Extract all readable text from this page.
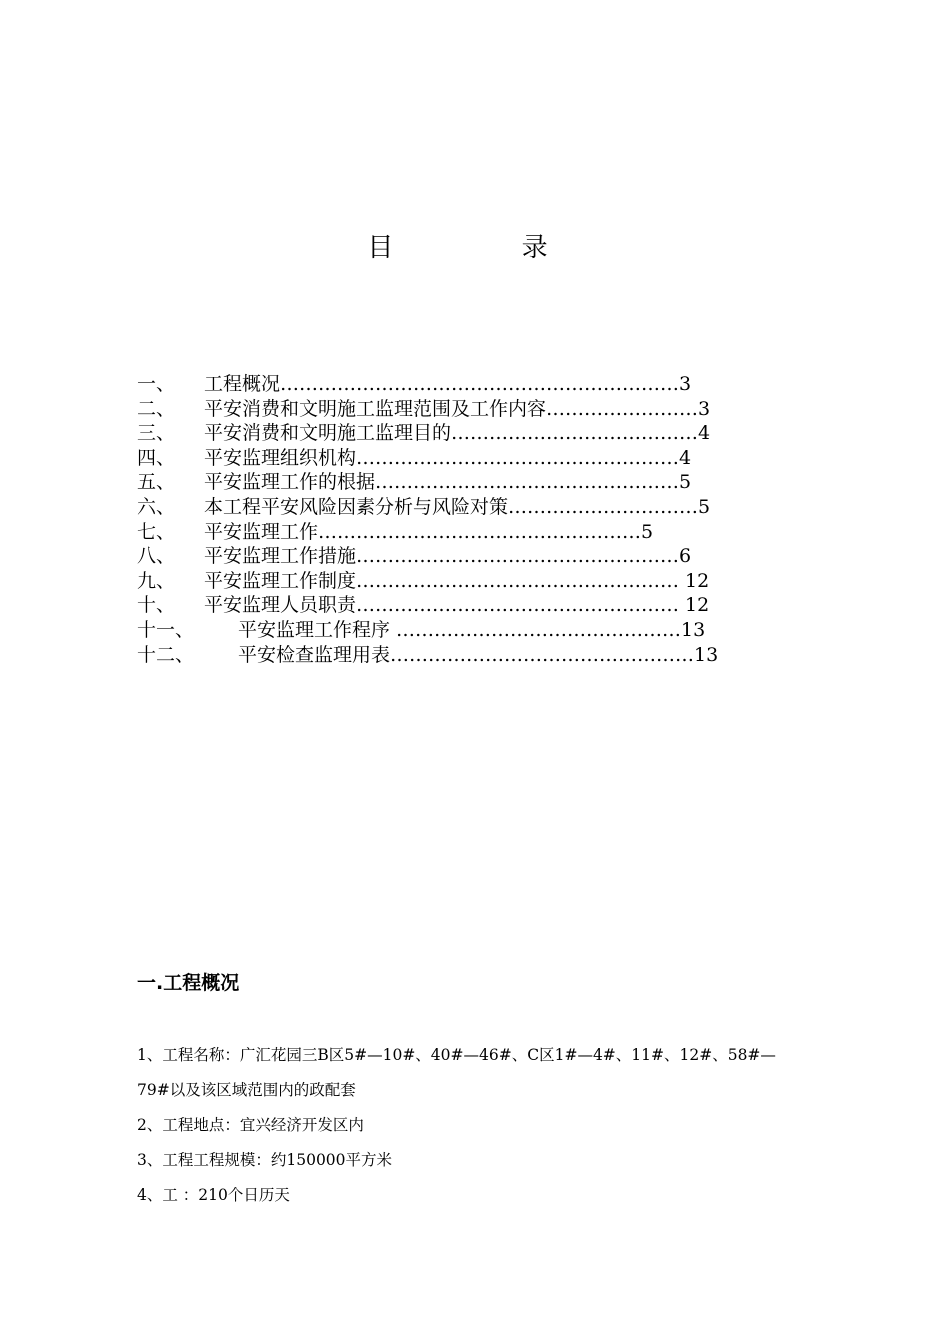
目 录
一、 工程概况………………………………………………………3
二、 平安消费和文明施工监理范围及工作内容……………………3
三、 平安消费和文明施工监理目的…………………………………4
四、 平安监理组织机构……………………………………………4
五、 平安监理工作的根据…………………………………………5
六、 本工程平安风险因素分析与风险对策…………………………5
七、 平安监理工作……………………………………………5
八、 平安监理工作措施……………………………………………6
九、 平安监理工作制度…………………………………………… 12
十、 平安监理人员职责…………………………………………… 12
十一、 平安监理工作程序 ………………………………………13
十二、 平安检查监理用表…………………………………………13
一.工程概况
1、工程名称：广汇花园三B区5#—10#、40#—46#、C区1#—4#、11#、12#、58#—
79#以及该区域范围内的政配套
2、工程地点：宜兴经济开发区内
3、工程工程规模：约150000平方米
4、工 ：210个日历天
